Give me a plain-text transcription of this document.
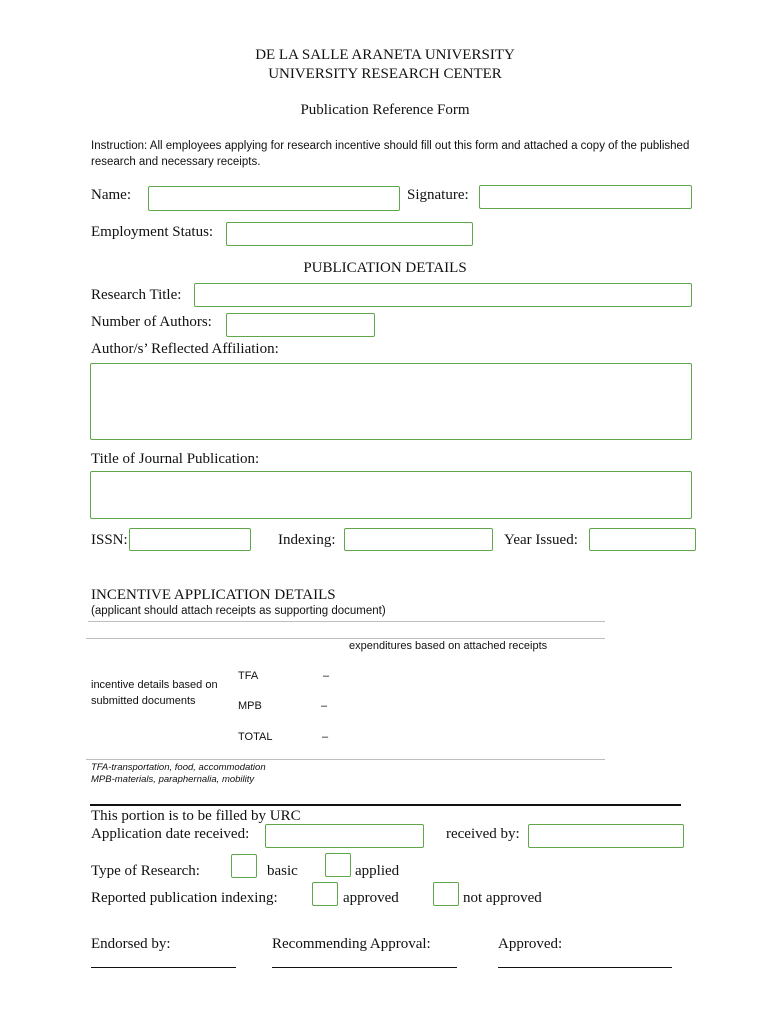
DE LA SALLE ARANETA UNIVERSITY
UNIVERSITY RESEARCH CENTER
Publication Reference Form
Instruction: All employees applying for research incentive should fill out this form and attached a copy of the published research and necessary receipts.
Name:	Signature:
Employment Status:
PUBLICATION DETAILS
Research Title:
Number of Authors:
Author/s’ Reflected Affiliation:
Title of Journal Publication:
ISSN:	Indexing:	Year Issued:
INCENTIVE APPLICATION DETAILS
(applicant should attach receipts as supporting document)
expenditures based on attached receipts
incentive details based on submitted documents
TFA	–
MPB	–
TOTAL	–
TFA-transportation, food, accommodation
MPB-materials, paraphernalia, mobility
This portion is to be filled by URC
Application date received:	received by:
Type of Research:	basic	applied
Reported publication indexing:	approved	not approved
Endorsed by:	Recommending Approval:	Approved:
